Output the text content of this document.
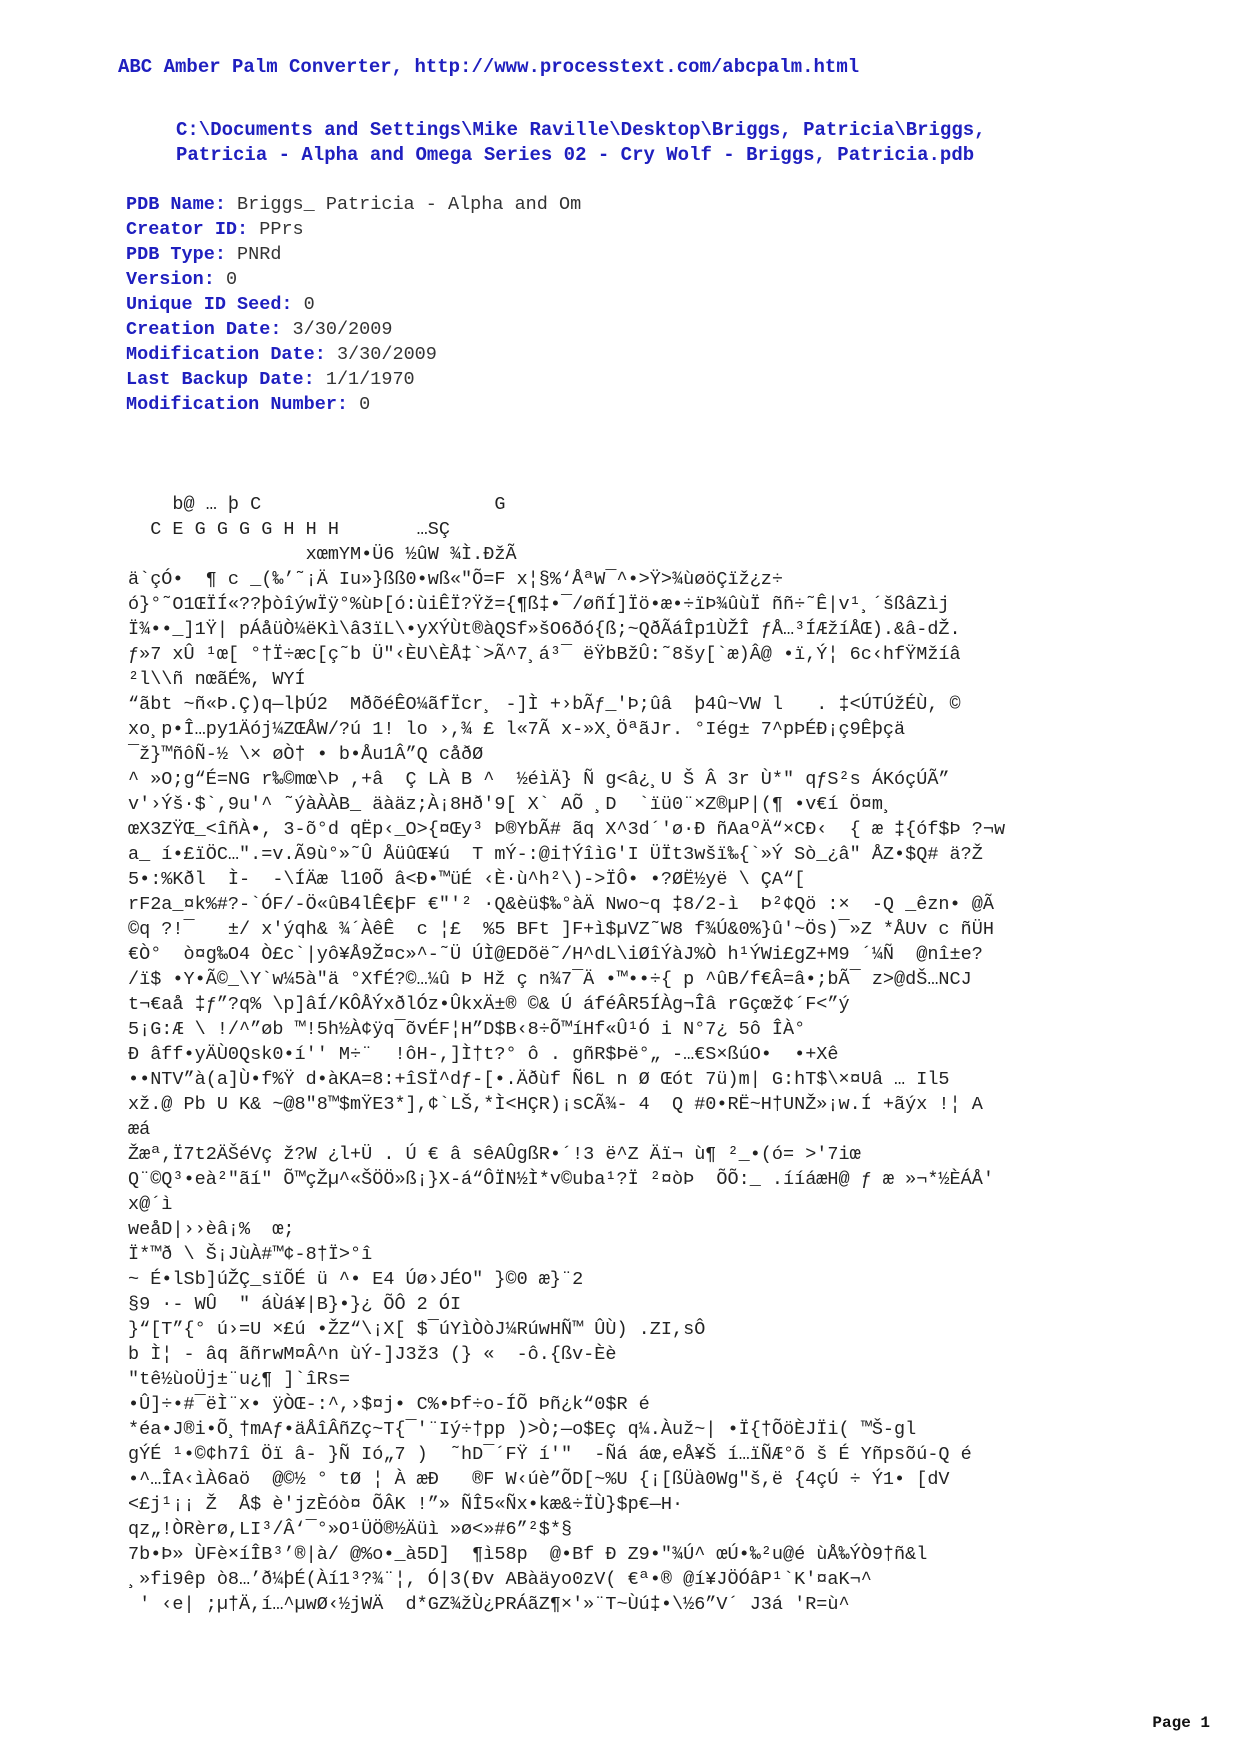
ABC Amber Palm Converter, http://www.processtext.com/abcpalm.html
C:\Documents and Settings\Mike Raville\Desktop\Briggs, Patricia\Briggs,
Patricia - Alpha and Omega Series 02 - Cry Wolf - Briggs, Patricia.pdb
PDB Name: Briggs_ Patricia - Alpha and Om
Creator ID: PPrs
PDB Type: PNRd
Version: 0
Unique ID Seed: 0
Creation Date: 3/30/2009
Modification Date: 3/30/2009
Last Backup Date: 1/1/1970
Modification Number: 0
b@ … þ C                     G
C E G G G G H H H       …SÇ
xœmYM•Ü6 ½ûW ¾Ì.ÐžÃ
ä`çÓ•  ¶ c _(‰’˜¡Ä Iu»}ßß0•wß«"Õ=F x¦§%‘ÅªW¯^•>Ÿ>¾ùøöÇïž¿z÷
ó}°˜O1ŒÏÍ«??þòîýwÏÿ°%ùÞ[ó:ùiÊÏ?Ÿž={¶ß‡•¯/øñÍ]Ïö•æ•÷ïÞ¾ûùÏ ññ÷˜Ê|v¹¸´šßâZìj
Ï¾••_]1Ÿ| pÁåüÒ¼ëKì\â3ïL\•yXÝÙt®àQSf»šO6ðó{ß;~QðÃáÎp1ÙŽÎ ƒÅ…³ÍÆžíÅŒ).&â-dŽ.
ƒ»7 xÛ ¹œ[ °†Ï÷æc[ç˜b Ü"‹ÈU\ÈÅ‡`>Ã^7¸á³¯ ëŸbBžÛ:˜8šy[`æ)Â@ •ï,Ý¦ 6c‹hfŸMžíâ
²l\\ñ nœãÉ%, WYÍ
“ãbt ~ñ«Þ.Ç)q—lþÚ2  MðõéÊO¼ãfÏcr¸ -]Ì +›bÃƒ_'Þ;ûâ  þ4û~VW l   . ‡<ÚTÚžÉÙ, ©
xo¸p•Î…py1Äój¼ZŒÅW/?ú 1! lo ›,¾ £ l«7Ã x-»X¸ÖªãJr. °Iég± 7^pÞÉÐ¡ç9Êþçä
¯ž}™ñôÑ-½ \× øÒ† • b•Åu1Â”Q cåðØ
^ »O;g“É=NG r‰©mœ\Þ ,+â  Ç LÀ B ^  ½éìÄ} Ñ g<â¿¸U Š Â 3r Ù*" qƒS²s ÁKóçÚÃ”
v'›Ýš·$`,9u'^ ˜ýàÀÀB_ äàäz;À¡8Hð'9[ X` AÕ ¸D  `ïü0¨×Z®µP|(¶ •v€í Ö¤m¸
œX3ZŸŒ_<îñÀ•, 3-õ°d qËp‹_O>{¤Œy³ Þ®YbÃ# ãq X^3d´'ø·Ð ñAaºÄ“×CÐ‹  { æ ‡{óf$Þ ?¬w
a_ í•£ïÖC…".=v.Ã9ù°»˜Û ÅüûŒ¥ú  T mÝ-:@i†ÝîìG'I ÜÏt3wšï‰{`»Ý Sò_¿â" ÅZ•$Q# ä?Ž
5•:%Kðl  Ì-  -\ÍÄæ l10Õ â<Ð•™üÉ ‹È·ù^h²\)->ÏÔ• •?ØË½yë \ ÇA“[
rF2a_¤k%#?-`ÓF/-Ö«ûB4lÊ€þF €"'² ·Q&èü$‰°àÄ Nwo~q ‡8/2-ì  Þ²¢Qö :×  -Q _êzn• @Ã
©q ?!¯   ±/ x'ýqh& ¾´ÀêÊ  c ¦£  %5 BFt ]F+ì$µVZ˜W8 f¾Ú&0%}û'~Ös)¯»Z *ÅUv c ñÜH
€Ò°  ò¤g‰O4 Ò£c`|yô¥Å9Ž¤c»^-˜Ü ÚÌ@EDõë˜/H^dL\iØîÝàJ%Ò h¹ÝWi£gZ+M9 ´¼Ñ  @nî±e?
/ï$ •Y•Ã©_\Y`w¼5à"ä °XfÉ?©…¼û Þ Hž ç n¾7¯Ä •™••÷{ p ^ûB/f€Â=â•;bÃ¯ z>@dŠ…NCJ
t¬€aå ‡ƒ”?q% \p]âÍ/KÔÅÝxðlÓz•ÛkxÄ±® ©& Ú áféÂR5ÍÀg¬Îâ rGçœž¢´F<”ý
5¡G:Æ \ !/^”øb ™!5h½À¢ÿq¯õvÉF¦H”D$B‹8÷Õ™íHf«Û¹Ó i N°7¿ 5ô ÎÀ°
Ð âff•yÄÙ0Qsk0•í'' M÷¨  !ôH-,]Ì†t?° ô . gñR$Þë°„ -…€S×ßúO•  •+Xê
••NTV”à(a]Ù•f%Ÿ d•àKA=8:+îSÏ^dƒ-[•.Äðùf Ñ6L n Ø Œót 7ü)m| G:hT$\×¤Uâ … Il5
xž.@ Pb U K& ~@8"8™$mŸE3*],¢`LŠ,*Ì<HÇR)¡sCÃ¾- 4  Q #0•RË~H†UNŽ»¡w.Í +ãýx !¦ A
æá
Žæª,Ï7t2ÄŠéVç ž?W ¿l+Ü . Ú € â sêAÛgßR•´!3 ë^Z Äï¬ ù¶ ²_•(ó= >'7iœ
Q¨©Q³•eà²"ãí" Õ™çŽµ^«ŠÖÖ»ß¡}X-á“ÔÏN½Ì*v©uba¹?Ï ²¤òÞ  ÕÕ:_ .ííáæH@ ƒ æ »¬*½ÈÁÅ'
x@´ì
weåD|››èâ¡%  œ;
Ï*™ð \ Š¡JùÀ#™¢-8†Ï>°î
~ É•lSb]úŽÇ_sïÕÉ ü ^• E4 Úø›JÉO" }©0 æ}¨2
§9 ·- WÛ  " áÙá¥|B}•}¿ ÕÔ 2 ÓI
}“[T”{° ú›=U ×£ú •ŽZ“\¡X[ $¯úYìÒòJ¼RúwHÑ™ ÛÙ) .ZI,sÔ
b Ì¦ - âq ãñrwM¤Â^n ùÝ-]J3ž3 (} «  -ô.{ßv-Èè
"tê½ùoÜj±¨u¿¶ ]`îRs=
•Û]÷•#¯ëÌ¨x• ÿÒŒ-:^,›$¤j• C%•Þf÷o-ÍÕ Þñ¿k“0$R é
*éa•J®i•Õ¸†mAƒ•äÅîÂñZç~T{¯'¨Iý÷†pp )>Ò;—o$Eç q¼.Àuž~| •Ï{†ÕöÈJÏi( ™Š-gl
gÝÉ ¹•©¢h7î Öï â- }Ñ Ió„7 )  ˜hD¯´FŸ í'"  -Ñá áœ,eÅ¥Š í…ïÑÆ°õ š É Yñpsõú-Q é
•^…ÎA‹ìÀ6aö  @©½ ° tØ ¦ À æÐ   ®F W‹úè”ÕD[~%U {¡[ßÜà0Wg"š,ë {4çÚ ÷ Ý1• [dV
<£j¹¡¡ Ž  Å$ è'jzÈóò¤ ÕÂK !”» ÑÎ5«Ñx•kæ&÷ÏÙ}$p€—H·
qz„!ÒRèrø,LI³/Â‘¯°»O¹ÜÖ®½Äüì »ø<»#6”²$*§
7b•Þ» ÙFè×íÎB³’®|à/ @%o•_à5D]  ¶ì58p  @•Bf Ð Z9•"¾Ú^ œÚ•‰²u@é ùÅ‰ÝÒ9†ñ&l
¸»fi9êp ò8…’ð¼þÉ(Àí1³?¾¨¦, Ó|3(Ðv ABàäyo0zV( €ª•® @í¥JÖÓâP¹`K'¤aK¬^
' ‹e| ;µ†Ä,í…^µwØ‹½jWÄ  d*GZ¾žÙ¿PRÁãZ¶×'»¨T~Ùú‡•\½6”V´ J3á 'R=ù^
Page 1
